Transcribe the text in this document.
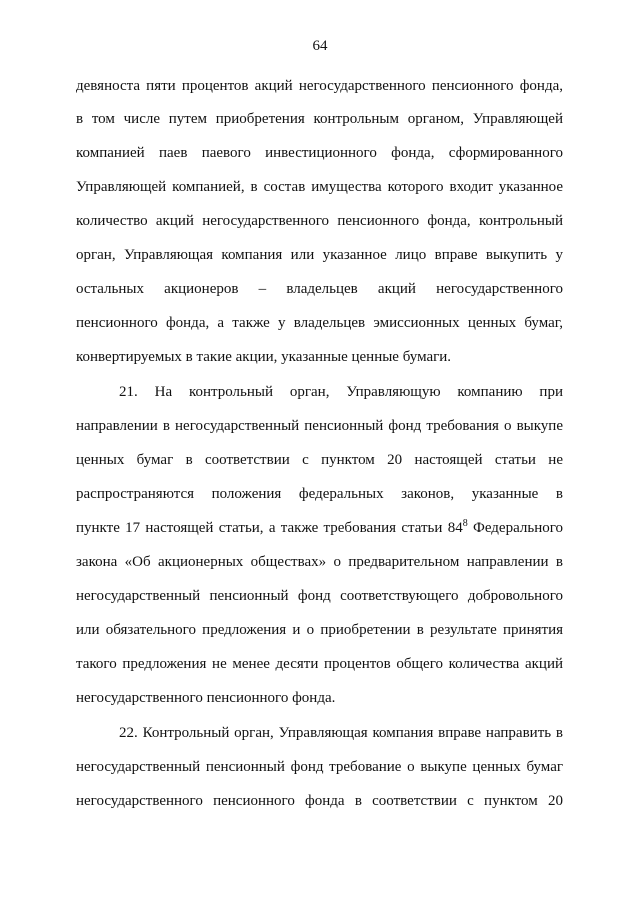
64
девяноста пяти процентов акций негосударственного пенсионного фонда,
в том числе путем приобретения контрольным органом, Управляющей
компанией паев паевого инвестиционного фонда, сформированного
Управляющей компанией, в состав имущества которого входит указанное
количество акций негосударственного пенсионного фонда, контрольный
орган, Управляющая компания или указанное лицо вправе выкупить у
остальных акционеров – владельцев акций негосударственного
пенсионного фонда, а также у владельцев эмиссионных ценных бумаг,
конвертируемых в такие акции, указанные ценные бумаги.
21. На контрольный орган, Управляющую компанию при
направлении в негосударственный пенсионный фонд требования о выкупе
ценных бумаг в соответствии с пунктом 20 настоящей статьи не
распространяются положения федеральных законов, указанные в
пункте 17 настоящей статьи, а также требования статьи $84^8$ Федерального
закона «Об акционерных обществах» о предварительном направлении в
негосударственный пенсионный фонд соответствующего добровольного
или обязательного предложения и о приобретении в результате принятия
такого предложения не менее десяти процентов общего количества акций
негосударственного пенсионного фонда.
22. Контрольный орган, Управляющая компания вправе направить в
негосударственный пенсионный фонд требование о выкупе ценных бумаг
негосударственного пенсионного фонда в соответствии с пунктом 20
